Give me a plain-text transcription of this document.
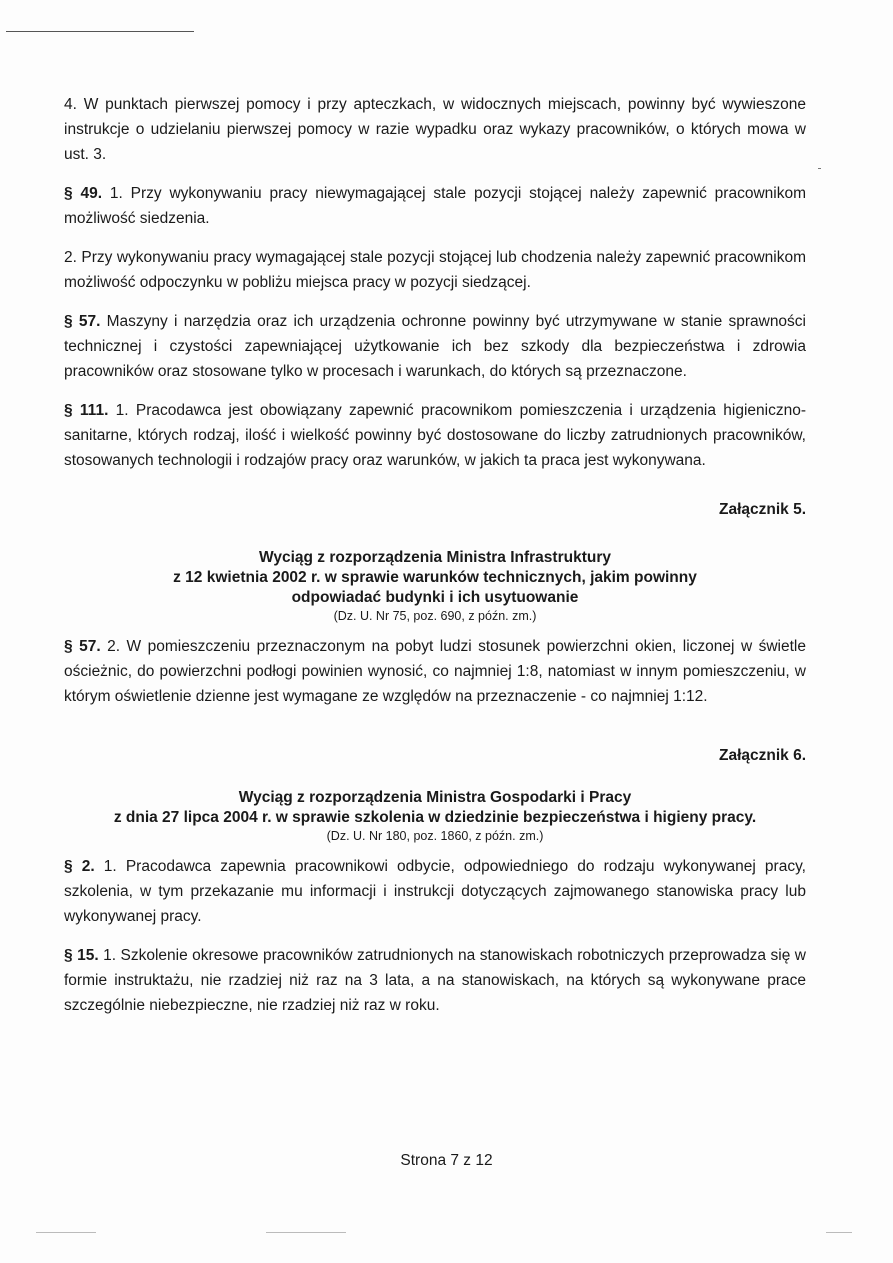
4. W punktach pierwszej pomocy i przy apteczkach, w widocznych miejscach, powinny być wywieszone instrukcje o udzielaniu pierwszej pomocy w razie wypadku oraz wykazy pracowników, o których mowa w ust. 3.

§ 49. 1. Przy wykonywaniu pracy niewymagającej stale pozycji stojącej należy zapewnić pracownikom możliwość siedzenia.

2. Przy wykonywaniu pracy wymagającej stale pozycji stojącej lub chodzenia należy zapewnić pracownikom możliwość odpoczynku w pobliżu miejsca pracy w pozycji siedzącej.

§ 57. Maszyny i narzędzia oraz ich urządzenia ochronne powinny być utrzymywane w stanie sprawności technicznej i czystości zapewniającej użytkowanie ich bez szkody dla bezpieczeństwa i zdrowia pracowników oraz stosowane tylko w procesach i warunkach, do których są przeznaczone.

§ 111. 1. Pracodawca jest obowiązany zapewnić pracownikom pomieszczenia i urządzenia higieniczno-sanitarne, których rodzaj, ilość i wielkość powinny być dostosowane do liczby zatrudnionych pracowników, stosowanych technologii i rodzajów pracy oraz warunków, w jakich ta praca jest wykonywana.

Załącznik 5.

Wyciąg z rozporządzenia Ministra Infrastruktury

z 12 kwietnia 2002 r. w sprawie warunków technicznych, jakim powinny

odpowiadać budynki i ich usytuowanie

(Dz. U. Nr 75, poz. 690, z późn. zm.)

§ 57. 2. W pomieszczeniu przeznaczonym na pobyt ludzi stosunek powierzchni okien, liczonej w świetle ościeżnic, do powierzchni podłogi powinien wynosić, co najmniej 1:8, natomiast w innym pomieszczeniu, w którym oświetlenie dzienne jest wymagane ze względów na przeznaczenie - co najmniej 1:12.

Załącznik 6.

Wyciąg z rozporządzenia Ministra Gospodarki i Pracy

z dnia 27 lipca 2004 r. w sprawie szkolenia w dziedzinie bezpieczeństwa i higieny pracy.

(Dz. U. Nr 180, poz. 1860, z późn. zm.)

§ 2. 1. Pracodawca zapewnia pracownikowi odbycie, odpowiedniego do rodzaju wykonywanej pracy, szkolenia, w tym przekazanie mu informacji i instrukcji dotyczących zajmowanego stanowiska pracy lub wykonywanej pracy.

§ 15. 1. Szkolenie okresowe pracowników zatrudnionych na stanowiskach robotniczych przeprowadza się w formie instruktażu, nie rzadziej niż raz na 3 lata, a na stanowiskach, na których są wykonywane prace szczególnie niebezpieczne, nie rzadziej niż raz w roku.

Strona 7 z 12
